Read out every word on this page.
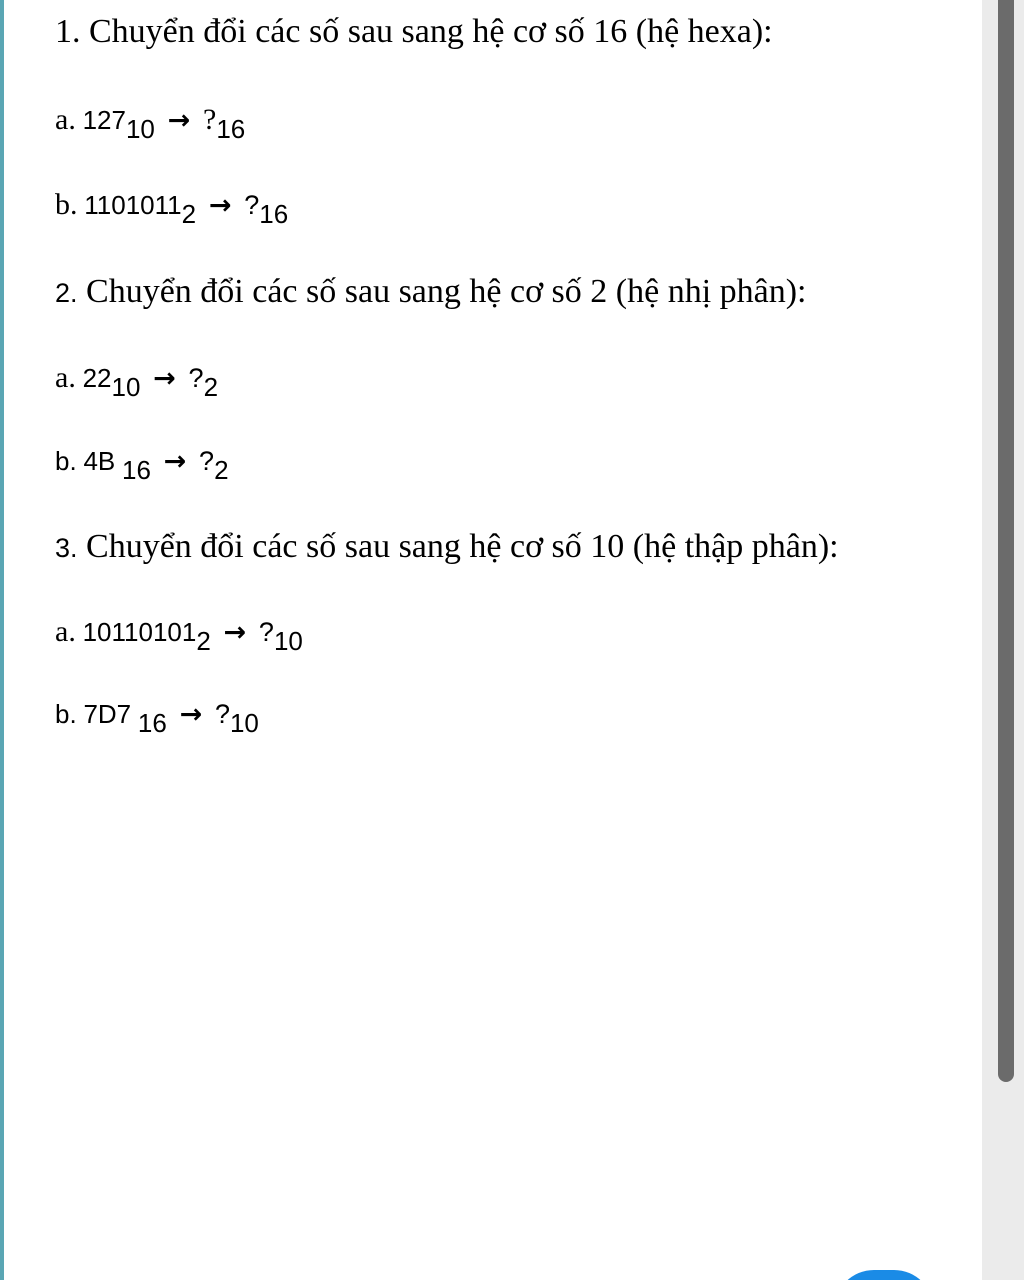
1. Chuyển đổi các số sau sang hệ cơ số 16 (hệ hexa):
a. $127_{10}$ → $?_{16}$
b. $1101011_2$ → $?_{16}$
2. Chuyển đổi các số sau sang hệ cơ số 2 (hệ nhị phân):
a. $22_{10}$ → $?_2$
b. 4B $_{16} \to ?_2$
3. Chuyển đổi các số sau sang hệ cơ số 10 (hệ thập phân):
a. $10110101_2$ → $?_{10}$
b. 7D7 $_{16} \to ?_{10}$
